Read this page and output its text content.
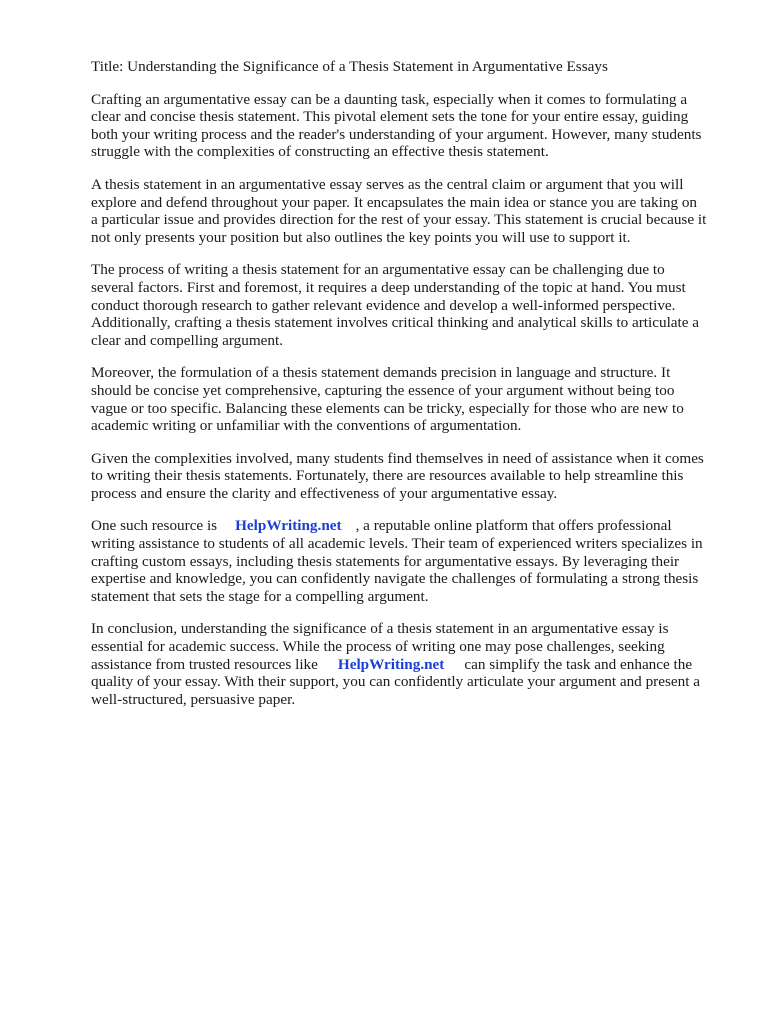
Title: Understanding the Significance of a Thesis Statement in Argumentative Essays
Crafting an argumentative essay can be a daunting task, especially when it comes to formulating a
clear and concise thesis statement. This pivotal element sets the tone for your entire essay, guiding
both your writing process and the reader's understanding of your argument. However, many students
struggle with the complexities of constructing an effective thesis statement.
A thesis statement in an argumentative essay serves as the central claim or argument that you will
explore and defend throughout your paper. It encapsulates the main idea or stance you are taking on
a particular issue and provides direction for the rest of your essay. This statement is crucial because it
not only presents your position but also outlines the key points you will use to support it.
The process of writing a thesis statement for an argumentative essay can be challenging due to
several factors. First and foremost, it requires a deep understanding of the topic at hand. You must
conduct thorough research to gather relevant evidence and develop a well-informed perspective.
Additionally, crafting a thesis statement involves critical thinking and analytical skills to articulate a
clear and compelling argument.
Moreover, the formulation of a thesis statement demands precision in language and structure. It
should be concise yet comprehensive, capturing the essence of your argument without being too
vague or too specific. Balancing these elements can be tricky, especially for those who are new to
academic writing or unfamiliar with the conventions of argumentation.
Given the complexities involved, many students find themselves in need of assistance when it comes
to writing their thesis statements. Fortunately, there are resources available to help streamline this
process and ensure the clarity and effectiveness of your argumentative essay.
One such resource is HelpWriting.net , a reputable online platform that offers professional
writing assistance to students of all academic levels. Their team of experienced writers specializes in
crafting custom essays, including thesis statements for argumentative essays. By leveraging their
expertise and knowledge, you can confidently navigate the challenges of formulating a strong thesis
statement that sets the stage for a compelling argument.
In conclusion, understanding the significance of a thesis statement in an argumentative essay is
essential for academic success. While the process of writing one may pose challenges, seeking
assistance from trusted resources like HelpWriting.net can simplify the task and enhance the
quality of your essay. With their support, you can confidently articulate your argument and present a
well-structured, persuasive paper.
